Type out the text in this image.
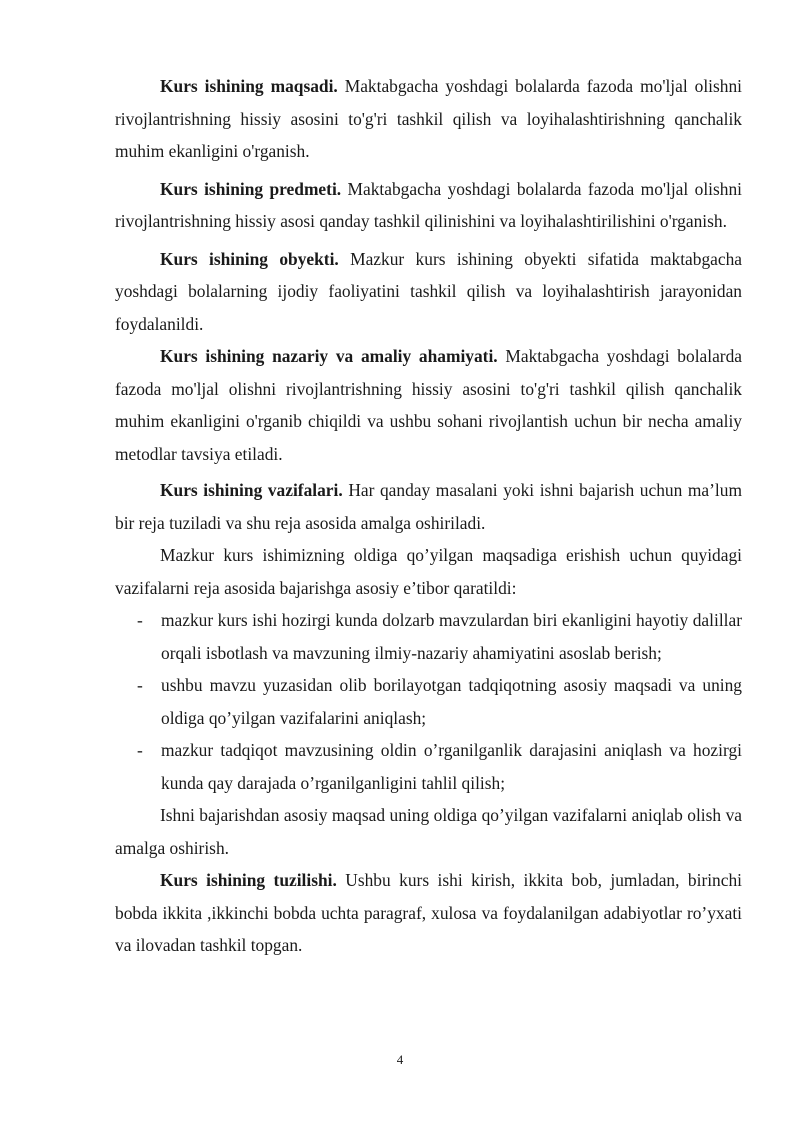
Kurs ishining maqsadi. Maktabgacha yoshdagi bolalarda fazoda mo'ljal olishni rivojlantrishning hissiy asosini to'g'ri tashkil qilish va loyihalashtirishning qanchalik muhim ekanligini o'rganish.

Kurs ishining predmeti. Maktabgacha yoshdagi bolalarda fazoda mo'ljal olishni rivojlantrishning hissiy asosi qanday tashkil qilinishini va loyihalashtirilishini o'rganish.

Kurs ishining obyekti. Mazkur kurs ishining obyekti sifatida maktabgacha yoshdagi bolalarning ijodiy faoliyatini tashkil qilish va loyihalashtirish jarayonidan foydalanildi.

Kurs ishining nazariy va amaliy ahamiyati. Maktabgacha yoshdagi bolalarda fazoda mo'ljal olishni rivojlantrishning hissiy asosini to'g'ri tashkil qilish qanchalik muhim ekanligini o'rganib chiqildi va ushbu sohani rivojlantish uchun bir necha amaliy metodlar tavsiya etiladi.

Kurs ishining vazifalari. Har qanday masalani yoki ishni bajarish uchun ma’lum bir reja tuziladi va shu reja asosida amalga oshiriladi.

Mazkur kurs ishimizning oldiga qo’yilgan maqsadiga erishish uchun quyidagi vazifalarni reja asosida bajarishga asosiy e’tibor qaratildi:

- mazkur kurs ishi hozirgi kunda dolzarb mavzulardan biri ekanligini hayotiy dalillar orqali isbotlash va mavzuning ilmiy-nazariy ahamiyatini asoslab berish;
- ushbu mavzu yuzasidan olib borilayotgan tadqiqotning asosiy maqsadi va uning oldiga qo’yilgan vazifalarini aniqlash;
- mazkur tadqiqot mavzusining oldin o’rganilganlik darajasini aniqlash va hozirgi kunda qay darajada o’rganilganligini tahlil qilish;

Ishni bajarishdan asosiy maqsad uning oldiga qo’yilgan vazifalarni aniqlab olish va amalga oshirish.

Kurs ishining tuzilishi. Ushbu kurs ishi kirish, ikkita bob, jumladan, birinchi bobda ikkita ,ikkinchi bobda uchta paragraf, xulosa va foydalanilgan adabiyotlar ro’yxati va ilovadan tashkil topgan.

4
